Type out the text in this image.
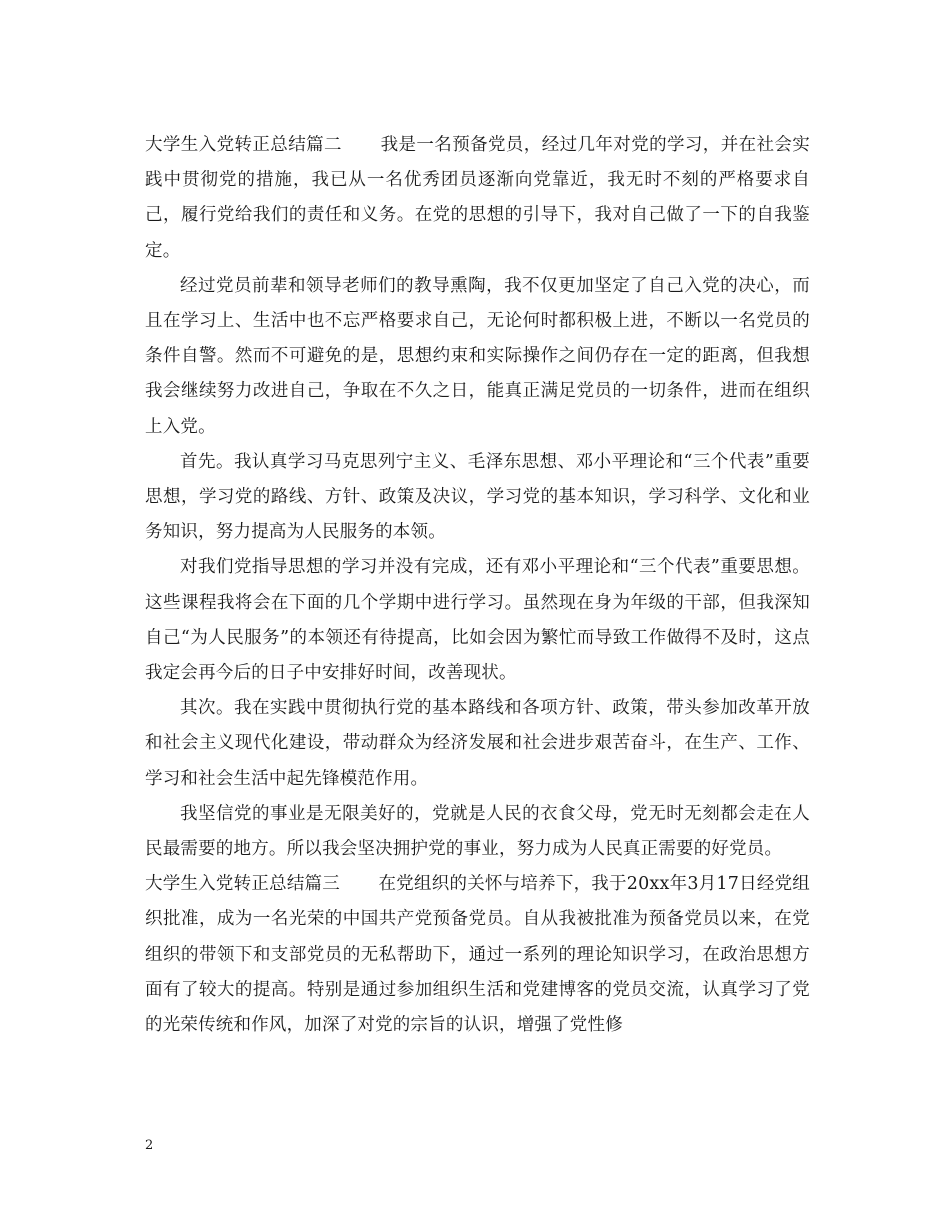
大学生入党转正总结篇二 我是一名预备党员，经过几年对党的学习，并在社会实践中贯彻党的措施，我已从一名优秀团员逐渐向党靠近，我无时不刻的严格要求自己，履行党给我们的责任和义务。在党的思想的引导下，我对自己做了一下的自我鉴定。

经过党员前辈和领导老师们的教导熏陶，我不仅更加坚定了自己入党的决心，而且在学习上、生活中也不忘严格要求自己，无论何时都积极上进，不断以一名党员的条件自警。然而不可避免的是，思想约束和实际操作之间仍存在一定的距离，但我想我会继续努力改进自己，争取在不久之日，能真正满足党员的一切条件，进而在组织上入党。

首先。我认真学习马克思列宁主义、毛泽东思想、邓小平理论和“三个代表”重要思想，学习党的路线、方针、政策及决议，学习党的基本知识，学习科学、文化和业务知识，努力提高为人民服务的本领。

对我们党指导思想的学习并没有完成，还有邓小平理论和“三个代表”重要思想。这些课程我将会在下面的几个学期中进行学习。虽然现在身为年级的干部，但我深知自己“为人民服务”的本领还有待提高，比如会因为繁忙而导致工作做得不及时，这点我定会再今后的日子中安排好时间，改善现状。

其次。我在实践中贯彻执行党的基本路线和各项方针、政策，带头参加改革开放和社会主义现代化建设，带动群众为经济发展和社会进步艰苦奋斗，在生产、工作、学习和社会生活中起先锋模范作用。

我坚信党的事业是无限美好的，党就是人民的衣食父母，党无时无刻都会走在人民最需要的地方。所以我会坚决拥护党的事业，努力成为人民真正需要的好党员。

大学生入党转正总结篇三 在党组织的关怀与培养下，我于20xx年3月17日经党组织批准，成为一名光荣的中国共产党预备党员。自从我被批准为预备党员以来，在党组织的带领下和支部党员的无私帮助下，通过一系列的理论知识学习，在政治思想方面有了较大的提高。特别是通过参加组织生活和党建博客的党员交流，认真学习了党的光荣传统和作风，加深了对党的宗旨的认识，增强了党性修

2
